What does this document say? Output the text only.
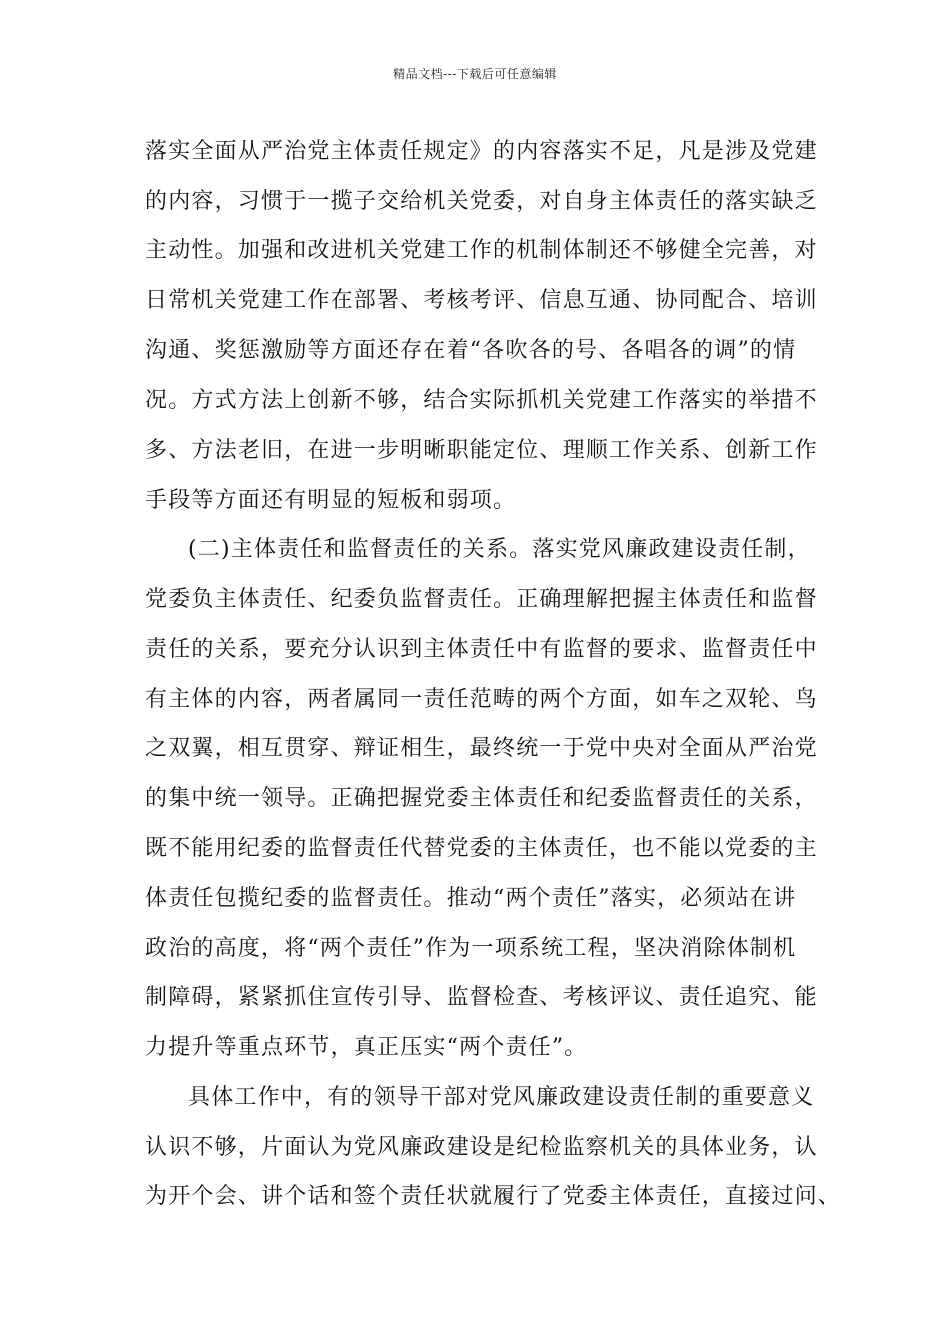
精品文档---下载后可任意编辑
落实全面从严治党主体责任规定》的内容落实不足，凡是涉及党建
的内容，习惯于一揽子交给机关党委，对自身主体责任的落实缺乏
主动性。加强和改进机关党建工作的机制体制还不够健全完善，对
日常机关党建工作在部署、考核考评、信息互通、协同配合、培训
沟通、奖惩激励等方面还存在着“各吹各的号、各唱各的调”的情
况。方式方法上创新不够，结合实际抓机关党建工作落实的举措不
多、方法老旧，在进一步明晰职能定位、理顺工作关系、创新工作
手段等方面还有明显的短板和弱项。
(二)主体责任和监督责任的关系。落实党风廉政建设责任制，
党委负主体责任、纪委负监督责任。正确理解把握主体责任和监督
责任的关系，要充分认识到主体责任中有监督的要求、监督责任中
有主体的内容，两者属同一责任范畴的两个方面，如车之双轮、鸟
之双翼，相互贯穿、辩证相生，最终统一于党中央对全面从严治党
的集中统一领导。正确把握党委主体责任和纪委监督责任的关系，
既不能用纪委的监督责任代替党委的主体责任，也不能以党委的主
体责任包揽纪委的监督责任。推动“两个责任”落实，必须站在讲
政治的高度，将“两个责任”作为一项系统工程，坚决消除体制机
制障碍，紧紧抓住宣传引导、监督检查、考核评议、责任追究、能
力提升等重点环节，真正压实“两个责任”。
具体工作中，有的领导干部对党风廉政建设责任制的重要意义
认识不够，片面认为党风廉政建设是纪检监察机关的具体业务，认
为开个会、讲个话和签个责任状就履行了党委主体责任，直接过问、
